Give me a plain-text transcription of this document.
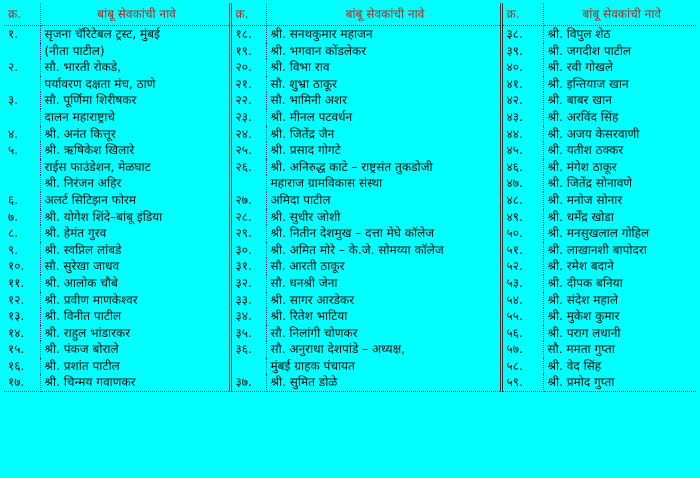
क्र.	बांबू सेवकांची नावे	क्र.	बांबू सेवकांची नावे	क्र.	बांबू सेवकांची नावे
१.	सृजना चॅरिटेबल ट्रस्ट, मुंबई	१८.	श्री. सनथकुमार महाजन	३८.	श्री. विपुल शेठ
	(नीता पाटील)	१९.	श्री. भगवान कोंडलेकर	३९.	श्री. जगदीश पाटील
२.	सौ. भारती रोकडे,	२०.	श्री. विभा राव	४०.	श्री. रवी गोखले
	पर्यावरण दक्षता मंच, ठाणे	२१.	सौ. शुभ्रा ठाकूर	४१.	श्री. इन्तियाज खान
३.	सौ. पूर्णिमा शिरीषकर	२२.	सौ. भामिनी अशर	४२.	श्री. बाबर खान
	दालन महाराष्ट्राचे	२३.	श्री. मीनल पटवर्धन	४३.	श्री. अरविंद सिंह
४.	श्री. अनंत कित्तूर	२४.	श्री. जितेंद्र जैन	४४.	श्री. अजय केसरवाणी
५.	श्री. ऋषिकेश खिलारे	२५.	श्री. प्रसाद गोगटे	४५.	श्री. यतीश ठक्कर
	राईस फाउंडेशन, मेळघाट	२६.	श्री. अनिरुद्ध काटे – राष्ट्रसंत तुकडोजी	४६.	श्री. मंगेश ठाकूर
	श्री. निरंजन अहिर		महाराज ग्रामविकास संस्था	४७.	श्री. जितेंद्र सोनावणे
६.	अलर्ट सिटिझन फोरम	२७.	अमिदा पाटील	४८.	श्री. मनोज सोनार
७.	श्री. योगेश शिंदे–बांबू इंडिया	२८.	श्री. सुधीर जोशी	४९.	श्री. धर्मेंद्र खोडा
८.	श्री. हेमंत गुरव	२९.	श्री. नितीन देशमुख – दत्ता मेघे कॉलेज	५०.	श्री. मनसुखलाल गोहिल
९.	श्री. स्वप्निल लांबडे	३०.	श्री. अमित मोरे – के.जे. सोमय्या कॉलेज	५१.	श्री. लाखानशी बापोदरा
१०.	सौ. सुरेखा जाधव	३१.	सौ. आरती ठाकूर	५२.	श्री. रमेश बदाने
११.	श्री. आलोक चौबे	३२.	सौ. धनश्री जेना	५३.	श्री. दीपक बनिया
१२.	श्री. प्रवीण माणकेश्वर	३३.	श्री. सागर आरडेकर	५४.	श्री. संदेश महाले
१३.	श्री. विनीत पाटील	३४.	श्री. रितेश भाटिया	५५.	श्री. मुकेश कुमार
१४.	श्री. राहुल भांडारकर	३५.	सौ. निलांगी चोणकर	५६.	श्री. पराग लधानी
१५.	श्री. पंकज बोराले	३६.	सौ. अनुराधा देशपांडे – अध्यक्ष,	५७.	सौ. ममता गुप्ता
१६.	श्री. प्रशांत पाटील		मुंबई ग्राहक पंचायत	५८.	श्री. वेद सिंह
१७.	श्री. चिन्मय गवाणकर	३७.	श्री. सुमित डोळे	५९.	श्री. प्रमोद गुप्ता
